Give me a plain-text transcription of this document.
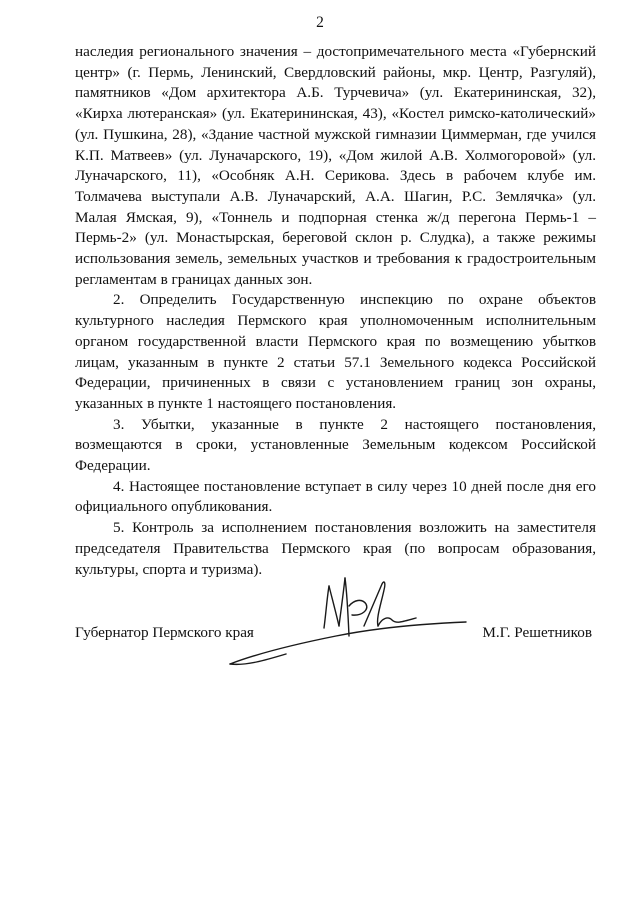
2

наследия регионального значения – достопримечательного места «Губернский центр» (г. Пермь, Ленинский, Свердловский районы, мкр. Центр, Разгуляй), памятников «Дом архитектора А.Б. Турчевича» (ул. Екатерининская, 32), «Кирха лютеранская» (ул. Екатерининская, 43), «Костел римско-католический» (ул. Пушкина, 28), «Здание частной мужской гимназии Циммерман, где учился К.П. Матвеев» (ул. Луначарского, 19), «Дом жилой А.В. Холмогоровой» (ул. Луначарского, 11), «Особняк А.Н. Серикова. Здесь в рабочем клубе им. Толмачева выступали А.В. Луначарский, А.А. Шагин, Р.С. Землячка» (ул. Малая Ямская, 9), «Тоннель и подпорная стенка ж/д перегона Пермь-1 – Пермь-2» (ул. Монастырская, береговой склон р. Слудка), а также режимы использования земель, земельных участков и требования к градостроительным регламентам в границах данных зон.

2. Определить Государственную инспекцию по охране объектов культурного наследия Пермского края уполномоченным исполнительным органом государственной власти Пермского края по возмещению убытков лицам, указанным в пункте 2 статьи 57.1 Земельного кодекса Российской Федерации, причиненных в связи с установлением границ зон охраны, указанных в пункте 1 настоящего постановления.

3. Убытки, указанные в пункте 2 настоящего постановления, возмещаются в сроки, установленные Земельным кодексом Российской Федерации.

4. Настоящее постановление вступает в силу через 10 дней после дня его официального опубликования.

5. Контроль за исполнением постановления возложить на заместителя председателя Правительства Пермского края (по вопросам образования, культуры, спорта и туризма).

Губернатор Пермского края	М.Г. Решетников
